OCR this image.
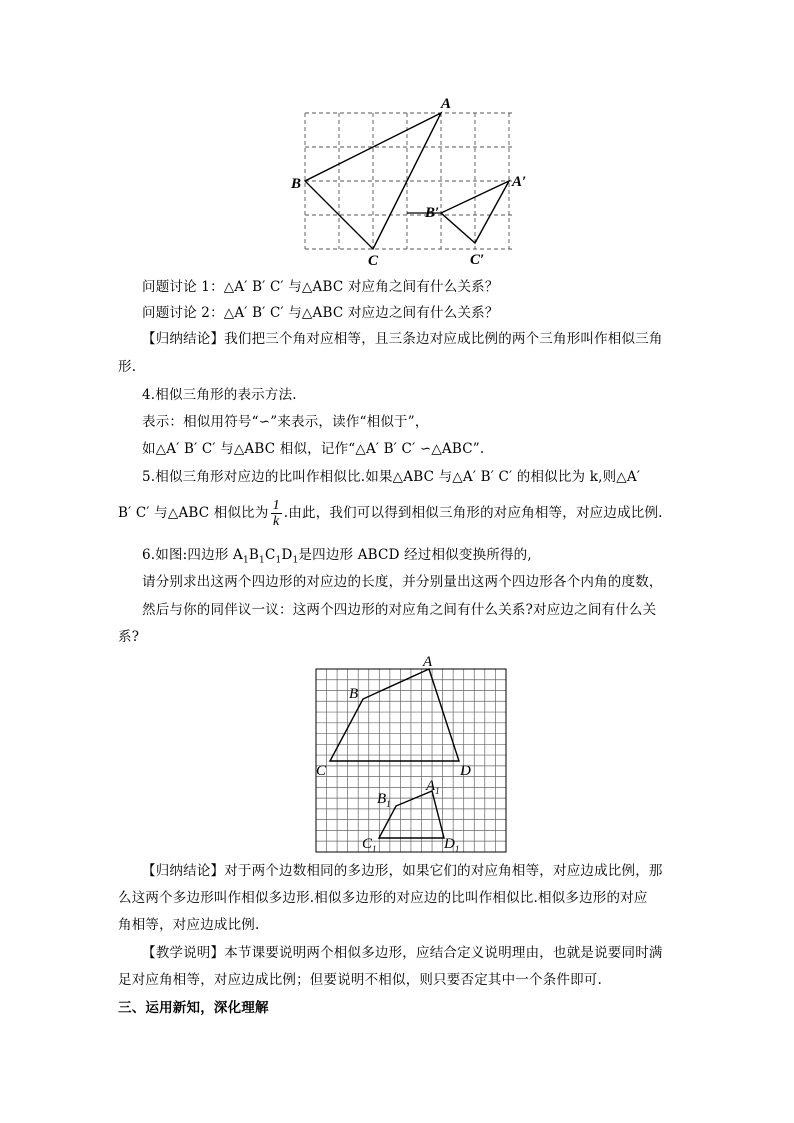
A
B
C
A′
B′
C′
问题讨论 1：△A′ B′ C′ 与△ABC 对应角之间有什么关系？
问题讨论 2：△A′ B′ C′ 与△ABC 对应边之间有什么关系？
【归纳结论】我们把三个角对应相等，且三条边对应成比例的两个三角形叫作相似三角
形.
4.相似三角形的表示方法.
表示：相似用符号“∽”来表示，读作“相似于”，
如△A′ B′ C′ 与△ABC 相似，记作“△A′ B′ C′ ∽△ABC”.
5.相似三角形对应边的比叫作相似比.如果△ABC 与△A′ B′ C′ 的相似比为 k,则△A′
B′ C′ 与△ABC 相似比为 $\frac{1}{k}$ .由此，我们可以得到相似三角形的对应角相等，对应边成比例.
6.如图:四边形 $A_1B_1C_1D_1$是四边形 ABCD 经过相似变换所得的,
请分别求出这两个四边形的对应边的长度，并分别量出这两个四边形各个内角的度数，
然后与你的同伴议一议：这两个四边形的对应角之间有什么关系?对应边之间有什么关
系?
A
B
C	D
$A_1$
$B_1$
$C_1$	$D_1$
【归纳结论】对于两个边数相同的多边形，如果它们的对应角相等，对应边成比例，那
么这两个多边形叫作相似多边形.相似多边形的对应边的比叫作相似比.相似多边形的对应
角相等，对应边成比例.
【教学说明】本节课要说明两个相似多边形，应结合定义说明理由，也就是说要同时满
足对应角相等，对应边成比例；但要说明不相似，则只要否定其中一个条件即可.
三、运用新知，深化理解
